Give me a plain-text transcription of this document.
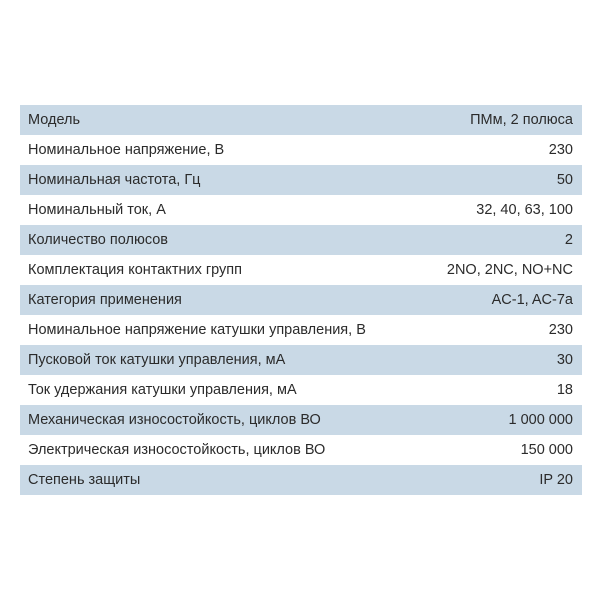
Модель	ПМм, 2 полюса
Номинальное напряжение, В	230
Номинальная частота, Гц	50
Номинальный ток, А	32, 40, 63, 100
Количество полюсов	2
Комплектация контактних групп	2NO, 2NC, NO+NC
Категория применения	AC-1, AC-7a
Номинальное напряжение катушки управления, В	230
Пусковой ток катушки управления, мА	30
Ток удержания катушки управления, мА	18
Механическая износостойкость, циклов ВО	1 000 000
Электрическая износостойкость, циклов ВО	150 000
Степень защиты	IP 20
